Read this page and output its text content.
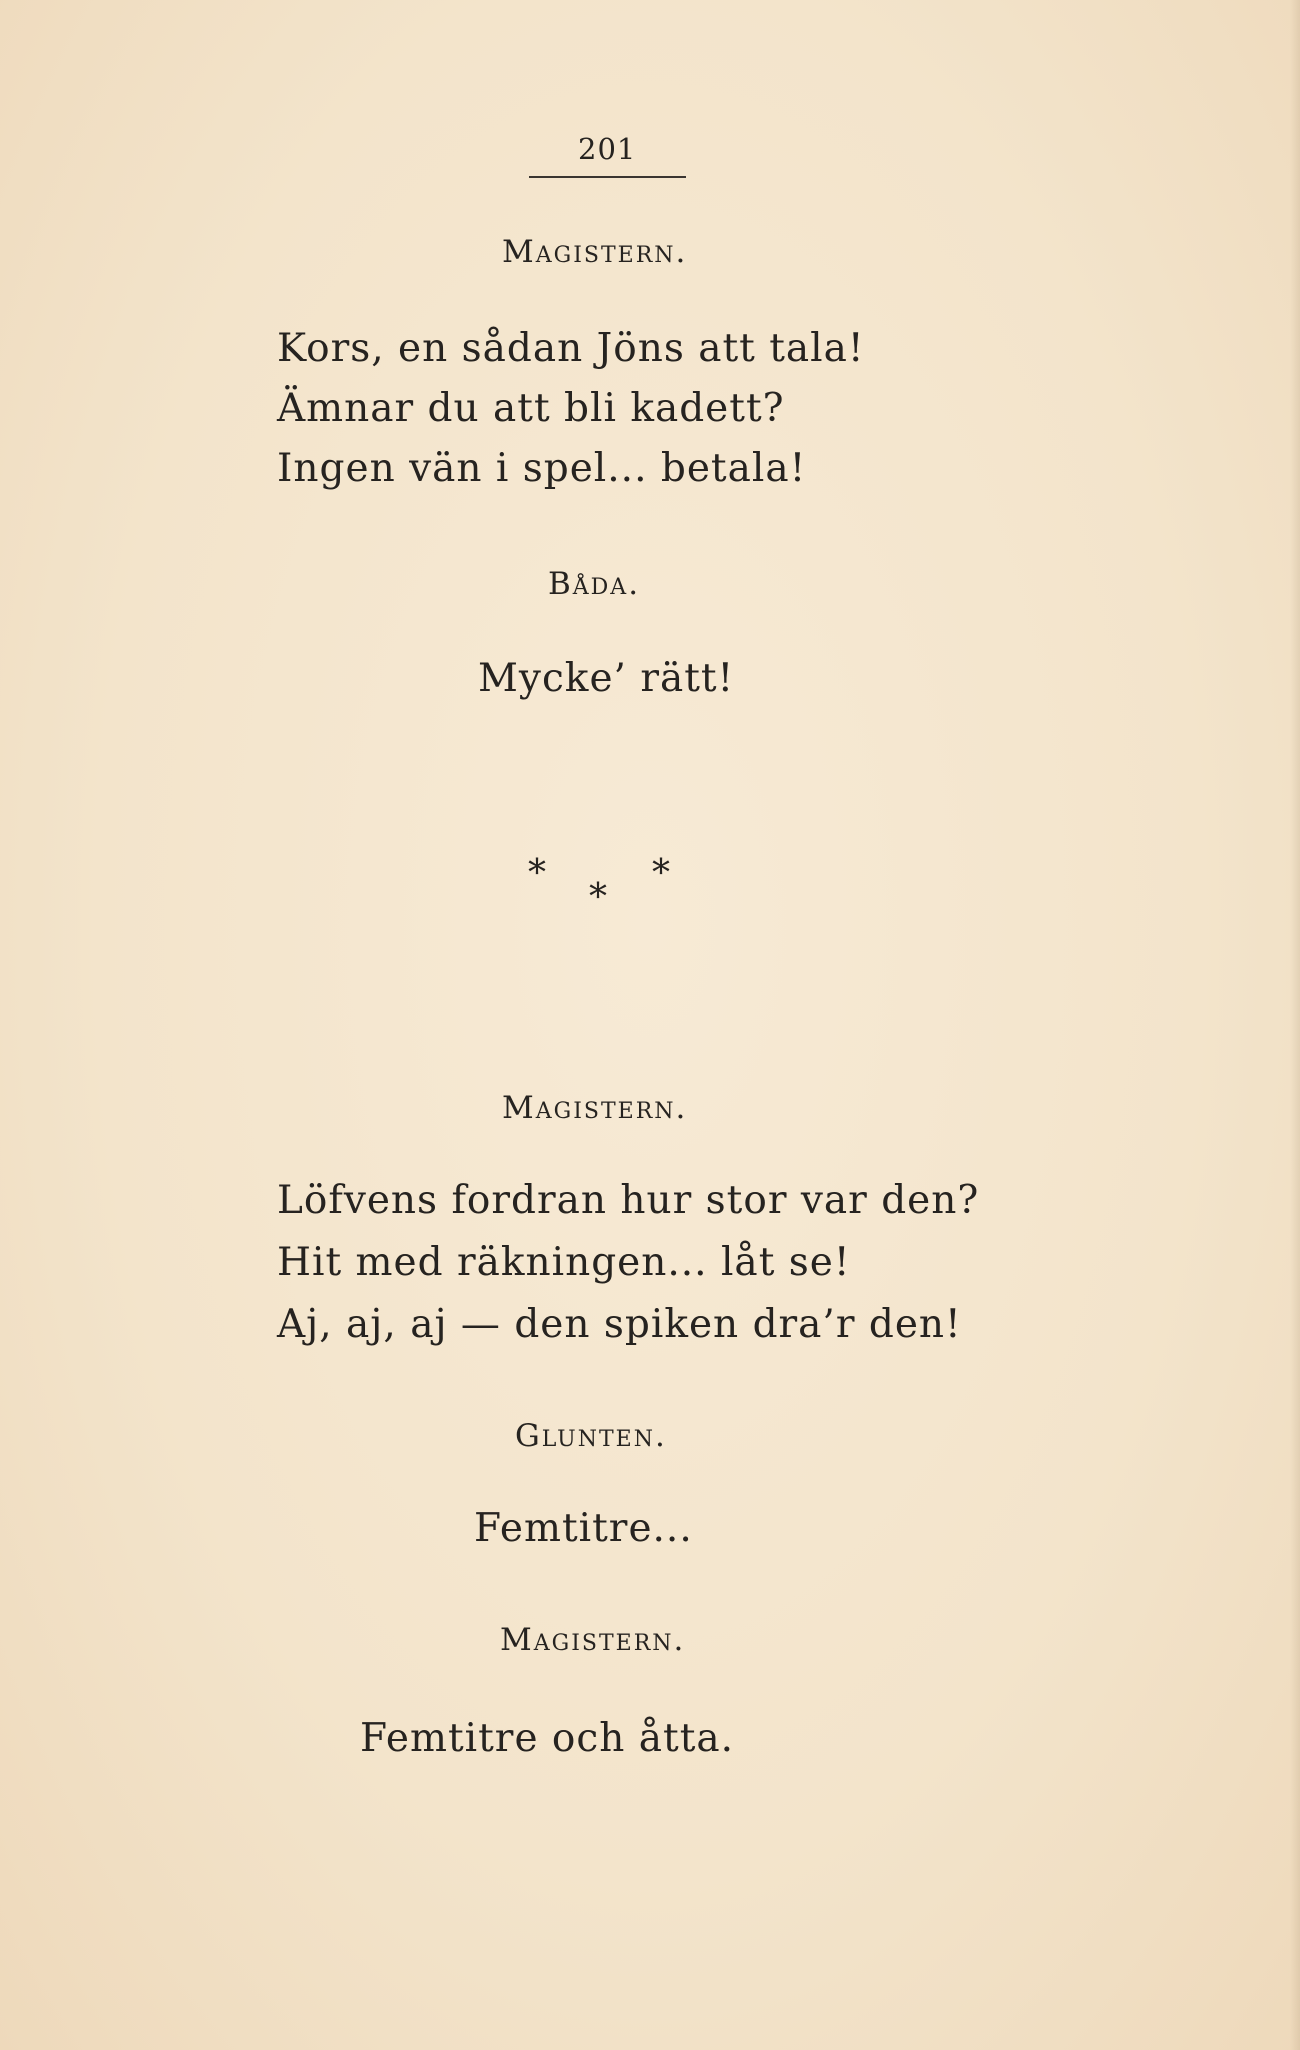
201
Magistern.
Kors, en sådan Jöns att tala!
Ämnar du att bli kadett?
Ingen vän i spel... betala!
Båda.
Mycke’ rätt!
*
*
*
Magistern.
Löfvens fordran hur stor var den?
Hit med räkningen... låt se!
Aj, aj, aj — den spiken dra’r den!
Glunten.
Femtitre...
Magistern.
Femtitre och åtta.
